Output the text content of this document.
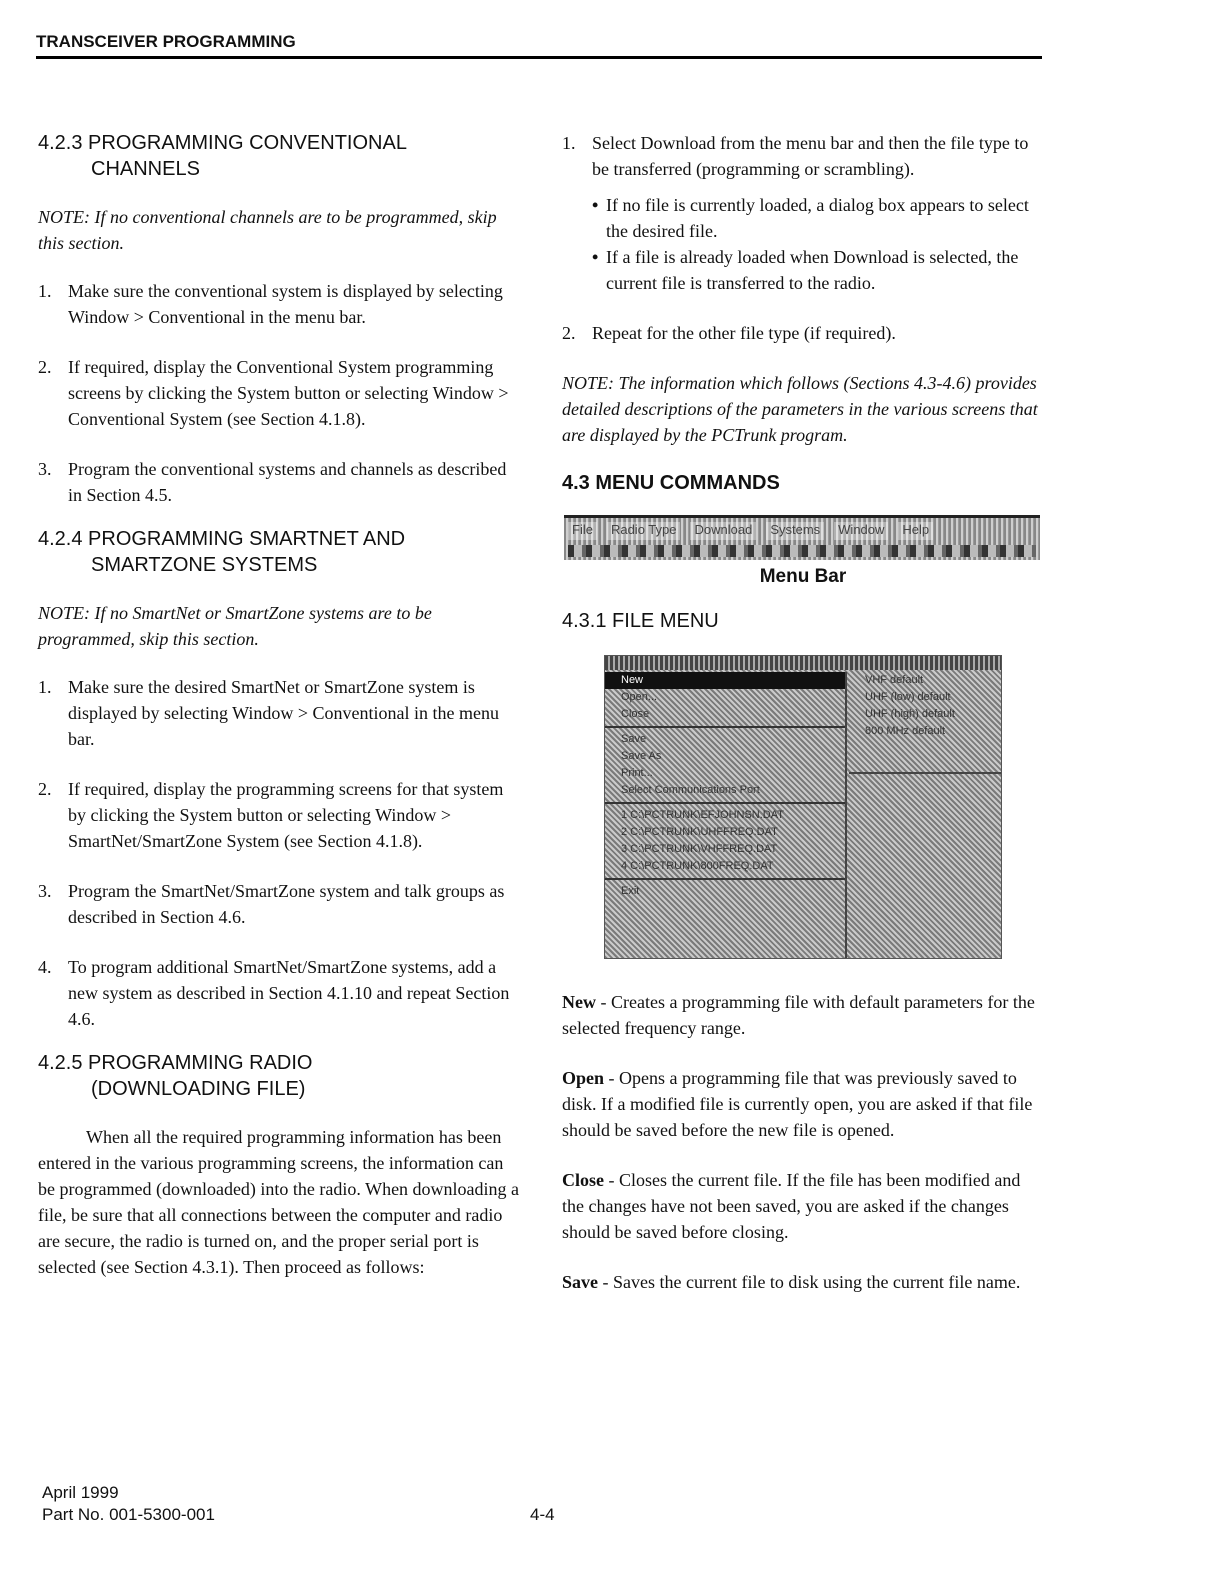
TRANSCEIVER PROGRAMMING
4.2.3 PROGRAMMING CONVENTIONAL
CHANNELS
NOTE: If no conventional channels are to be programmed, skip this section.
1. Make sure the conventional system is displayed by selecting Window > Conventional in the menu bar.
2. If required, display the Conventional System programming screens by clicking the System button or selecting Window > Conventional System (see Section 4.1.8).
3. Program the conventional systems and channels as described in Section 4.5.
4.2.4 PROGRAMMING SMARTNET AND
SMARTZONE SYSTEMS
NOTE: If no SmartNet or SmartZone systems are to be programmed, skip this section.
1. Make sure the desired SmartNet or SmartZone system is displayed by selecting Window > Conventional in the menu bar.
2. If required, display the programming screens for that system by clicking the System button or selecting Window > SmartNet/SmartZone System (see Section 4.1.8).
3. Program the SmartNet/SmartZone system and talk groups as described in Section 4.6.
4. To program additional SmartNet/SmartZone systems, add a new system as described in Section 4.1.10 and repeat Section 4.6.
4.2.5 PROGRAMMING RADIO
(DOWNLOADING FILE)

When all the required programming information has been entered in the various programming screens, the information can be programmed (downloaded) into the radio. When downloading a file, be sure that all connections between the computer and radio are secure, the radio is turned on, and the proper serial port is selected (see Section 4.3.1). Then proceed as follows:

1. Select Download from the menu bar and then the file type to be transferred (programming or scrambling).
• If no file is currently loaded, a dialog box appears to select the desired file.
• If a file is already loaded when Download is selected, the current file is transferred to the radio.
2. Repeat for the other file type (if required).
NOTE: The information which follows (Sections 4.3-4.6) provides detailed descriptions of the parameters in the various screens that are displayed by the PCTrunk program.
4.3 MENU COMMANDS
File	Radio Type	Download	Systems	Window	Help
Menu Bar
4.3.1 FILE MENU
New
Open...
Close
Save
Save As
Print...
Select Communications Port
1 C:\PCTRUNK\EFJOHNSN.DAT
2 C:\PCTRUNK\UHFFREQ.DAT
3 C:\PCTRUNK\VHFFREQ.DAT
4 C:\PCTRUNK\800FREQ.DAT
Exit
VHF default
UHF (low) default
UHF (high) default
800 MHz default

New - Creates a programming file with default parameters for the selected frequency range.

Open - Opens a programming file that was previously saved to disk. If a modified file is currently open, you are asked if that file should be saved before the new file is opened.

Close - Closes the current file. If the file has been modified and the changes have not been saved, you are asked if the changes should be saved before closing.

Save - Saves the current file to disk using the current file name.

April 1999
Part No. 001-5300-001	4-4
